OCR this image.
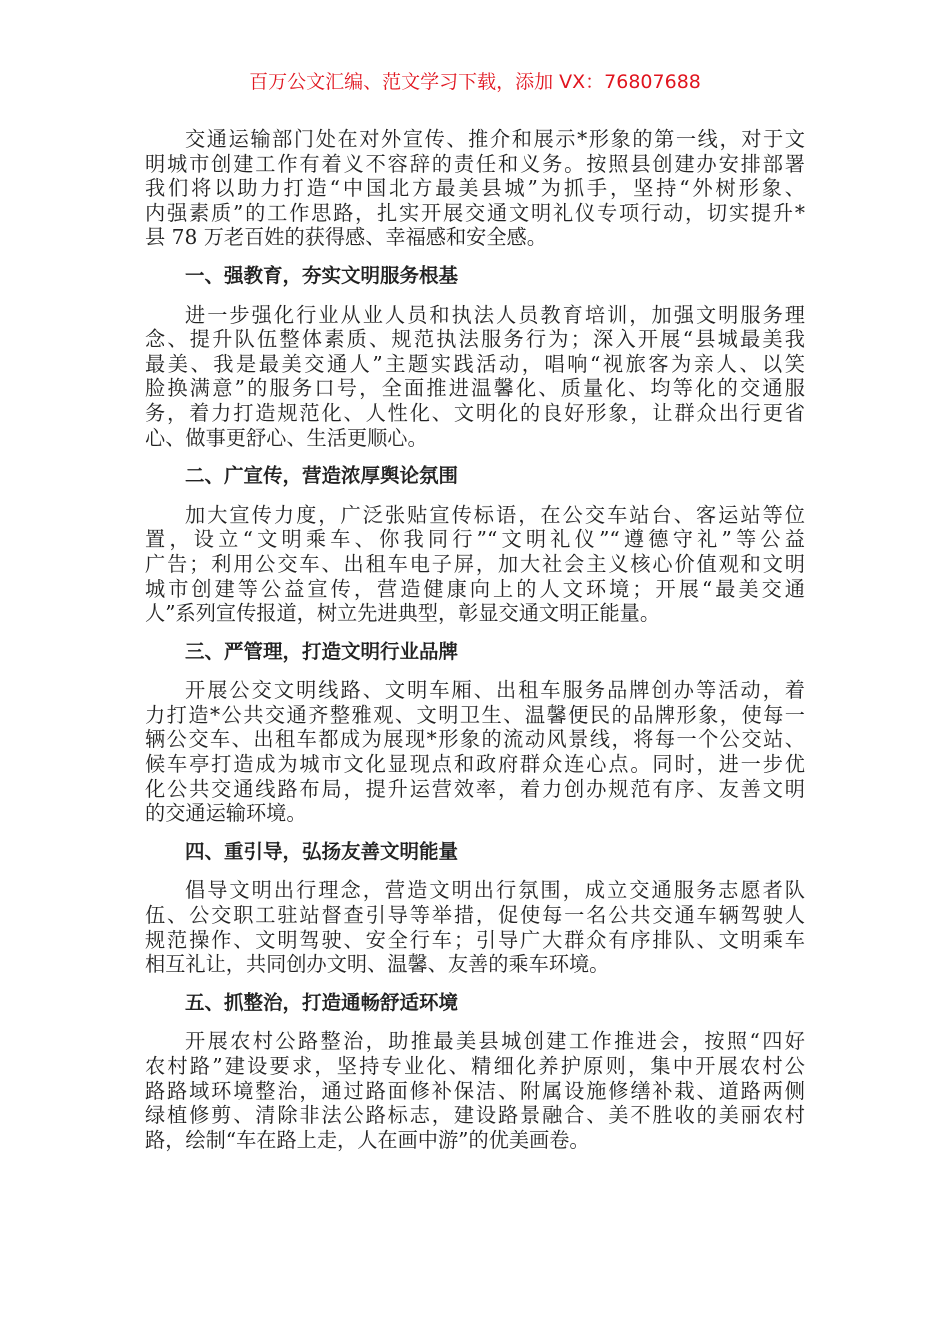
百万公文汇编、范文学习下载，添加 VX：76807688
交通运输部门处在对外宣传、推介和展示*形象的第一线，对于文
明城市创建工作有着义不容辞的责任和义务。按照县创建办安排部署
我们将以助力打造“中国北方最美县城”为抓手，坚持“外树形象、
内强素质”的工作思路，扎实开展交通文明礼仪专项行动，切实提升*
县 78 万老百姓的获得感、幸福感和安全感。
一、强教育，夯实文明服务根基
进一步强化行业从业人员和执法人员教育培训，加强文明服务理
念、提升队伍整体素质、规范执法服务行为；深入开展“县城最美我
最美、我是最美交通人”主题实践活动，唱响“视旅客为亲人、以笑
脸换满意”的服务口号，全面推进温馨化、质量化、均等化的交通服
务，着力打造规范化、人性化、文明化的良好形象，让群众出行更省
心、做事更舒心、生活更顺心。
二、广宣传，营造浓厚舆论氛围
加大宣传力度，广泛张贴宣传标语，在公交车站台、客运站等位
置，设立“文明乘车、你我同行”“文明礼仪”“遵德守礼”等公益
广告；利用公交车、出租车电子屏，加大社会主义核心价值观和文明
城市创建等公益宣传，营造健康向上的人文环境；开展“最美交通
人”系列宣传报道，树立先进典型，彰显交通文明正能量。
三、严管理，打造文明行业品牌
开展公交文明线路、文明车厢、出租车服务品牌创办等活动，着
力打造*公共交通齐整雅观、文明卫生、温馨便民的品牌形象，使每一
辆公交车、出租车都成为展现*形象的流动风景线，将每一个公交站、
候车亭打造成为城市文化显现点和政府群众连心点。同时，进一步优
化公共交通线路布局，提升运营效率，着力创办规范有序、友善文明
的交通运输环境。
四、重引导，弘扬友善文明能量
倡导文明出行理念，营造文明出行氛围，成立交通服务志愿者队
伍、公交职工驻站督查引导等举措，促使每一名公共交通车辆驾驶人
规范操作、文明驾驶、安全行车；引导广大群众有序排队、文明乘车
相互礼让，共同创办文明、温馨、友善的乘车环境。
五、抓整治，打造通畅舒适环境
开展农村公路整治，助推最美县城创建工作推进会，按照“四好
农村路”建设要求，坚持专业化、精细化养护原则，集中开展农村公
路路域环境整治，通过路面修补保洁、附属设施修缮补栽、道路两侧
绿植修剪、清除非法公路标志，建设路景融合、美不胜收的美丽农村
路，绘制“车在路上走，人在画中游”的优美画卷。
